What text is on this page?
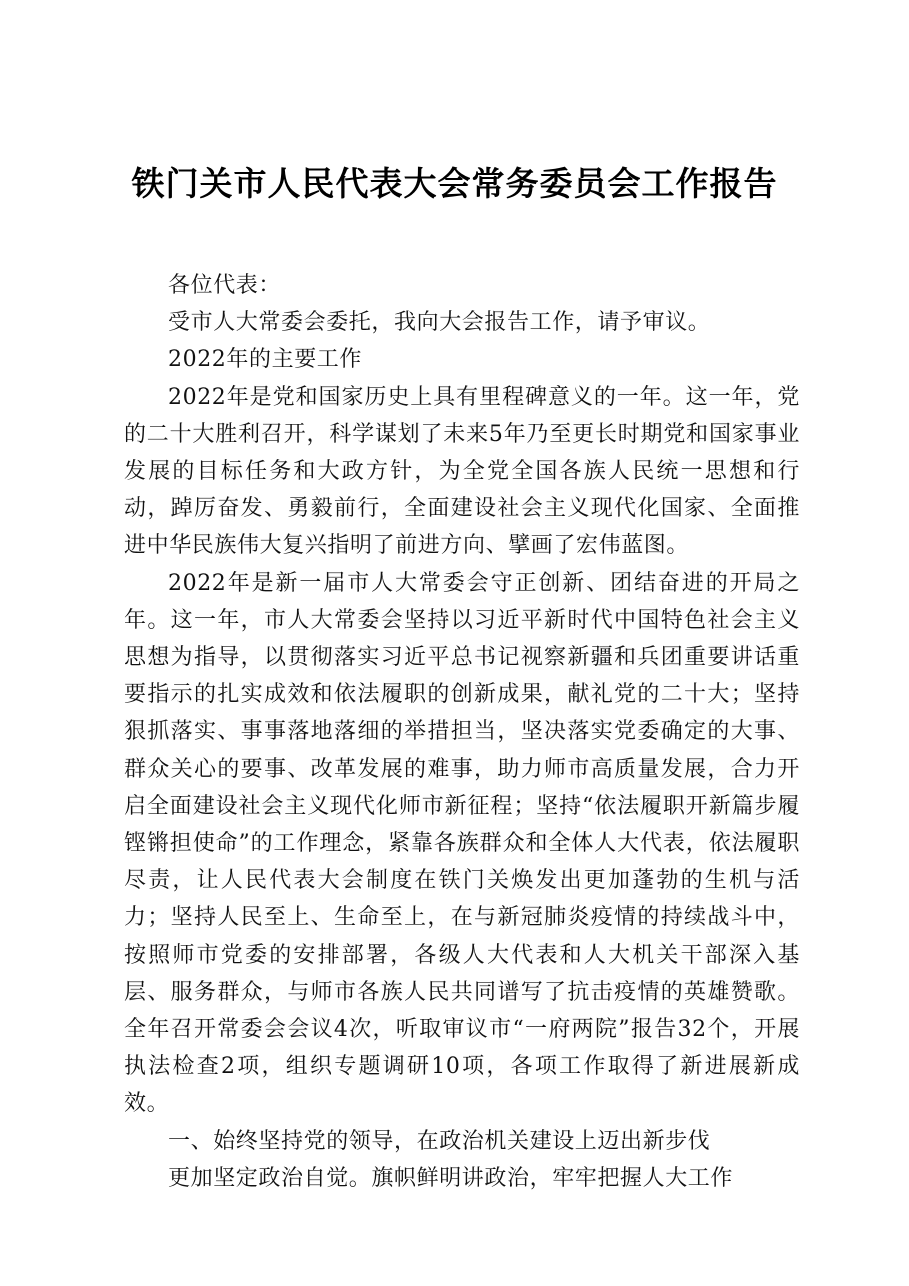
铁门关市人民代表大会常务委员会工作报告

各位代表：

受市人大常委会委托，我向大会报告工作，请予审议。

2022年的主要工作

2022年是党和国家历史上具有里程碑意义的一年。这一年，党的二十大胜利召开，科学谋划了未来5年乃至更长时期党和国家事业发展的目标任务和大政方针，为全党全国各族人民统一思想和行动，踔厉奋发、勇毅前行，全面建设社会主义现代化国家、全面推进中华民族伟大复兴指明了前进方向、擘画了宏伟蓝图。

2022年是新一届市人大常委会守正创新、团结奋进的开局之年。这一年，市人大常委会坚持以习近平新时代中国特色社会主义思想为指导，以贯彻落实习近平总书记视察新疆和兵团重要讲话重要指示的扎实成效和依法履职的创新成果，献礼党的二十大；坚持狠抓落实、事事落地落细的举措担当，坚决落实党委确定的大事、群众关心的要事、改革发展的难事，助力师市高质量发展，合力开启全面建设社会主义现代化师市新征程；坚持“依法履职开新篇步履铿锵担使命”的工作理念，紧靠各族群众和全体人大代表，依法履职尽责，让人民代表大会制度在铁门关焕发出更加蓬勃的生机与活力；坚持人民至上、生命至上，在与新冠肺炎疫情的持续战斗中，按照师市党委的安排部署，各级人大代表和人大机关干部深入基层、服务群众，与师市各族人民共同谱写了抗击疫情的英雄赞歌。全年召开常委会会议4次，听取审议市“一府两院”报告32个，开展执法检查2项，组织专题调研10项，各项工作取得了新进展新成效。

一、始终坚持党的领导，在政治机关建设上迈出新步伐

更加坚定政治自觉。旗帜鲜明讲政治，牢牢把握人大工作
